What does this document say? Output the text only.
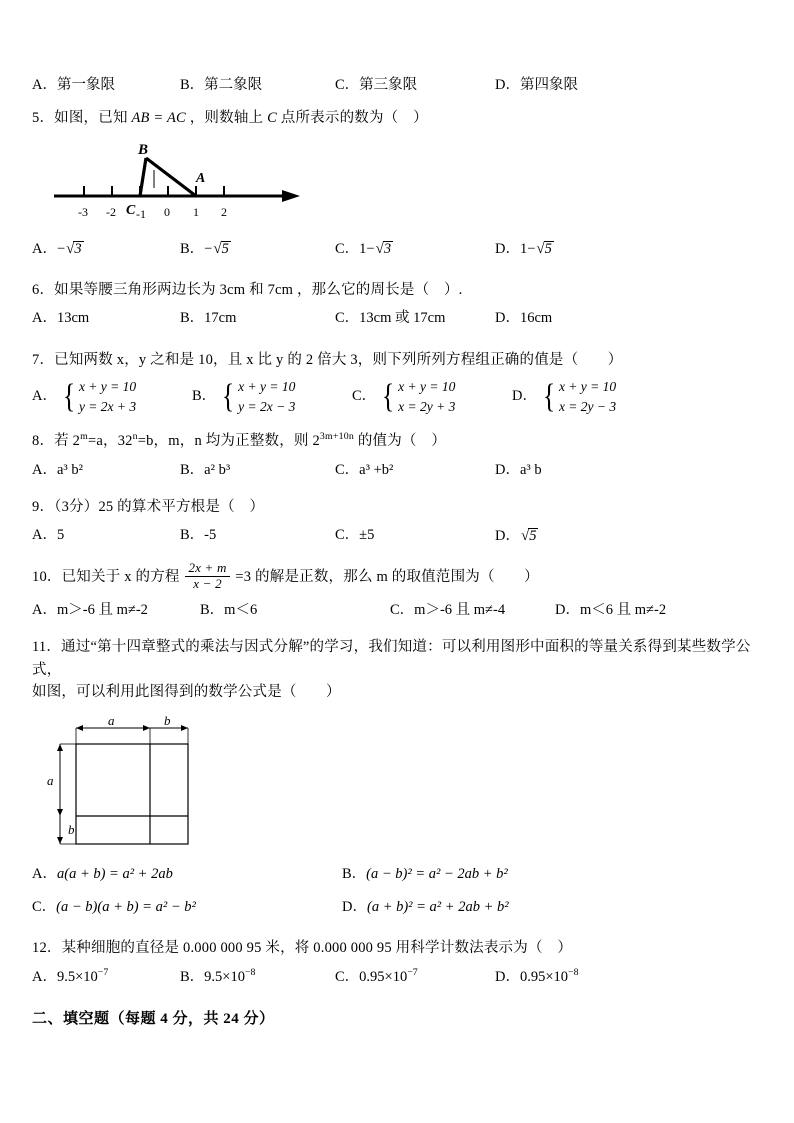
A．第一象限	B．第二象限	C．第三象限	D．第四象限
5．如图，已知 AB = AC ，则数轴上 C 点所表示的数为（　）
B
A
C
-3 -2 -1 0 1 2
A．−√3	B．−√5	C．1−√3	D．1−√5
6．如果等腰三角形两边长为 3cm 和 7cm ，那么它的周长是（　）.
A．13cm	B．17cm	C．13cm 或 17cm	D．16cm
7．已知两数 x，y 之和是 10，且 x 比 y 的 2 倍大 3，则下列所列方程组正确的值是（　　）
A． { x + y = 10
y = 2x + 3
B． { x + y = 10
y = 2x − 3
C． { x + y = 10
x = 2y + 3
D． { x + y = 10
x = 2y − 3
8．若 $2^m=a$，$32^n=b$，m，n 均为正整数，则 $2^{3m+10n}$ 的值为（　）
A．a³ b²	B．a² b³	C．a³ +b²	D．a³ b
9．（3分）25 的算术平方根是（　）
A．5	B．-5	C．±5	D．√5
10．已知关于 x 的方程 $\frac{2x + m}{x - 2} =3$ 的解是正数，那么 m 的取值范围为（　　）
A．m＞-6 且 m≠-2	B．m＜6	C．m＞-6 且 m≠-4	D．m＜6 且 m≠-2
11．通过“第十四章整式的乘法与因式分解”的学习，我们知道：可以利用图形中面积的等量关系得到某些数学公式，
如图，可以利用此图得到的数学公式是（　　）
a	b
a
b
A．a(a + b) = a² + 2ab	B．(a − b)² = a² − 2ab + b²
C．(a − b)(a + b) = a² − b²	D．(a + b)² = a² + 2ab + b²
12．某种细胞的直径是 0.000 000 95 米，将 0.000 000 95 用科学计数法表示为（　）
A．$9.5\times 10^{-7}$	B．$9.5\times 10^{-8}$	C．$0.95\times 10^{-7}$	D．$0.95\times 10^{-8}$
二、填空题（每题 4 分，共 24 分）
